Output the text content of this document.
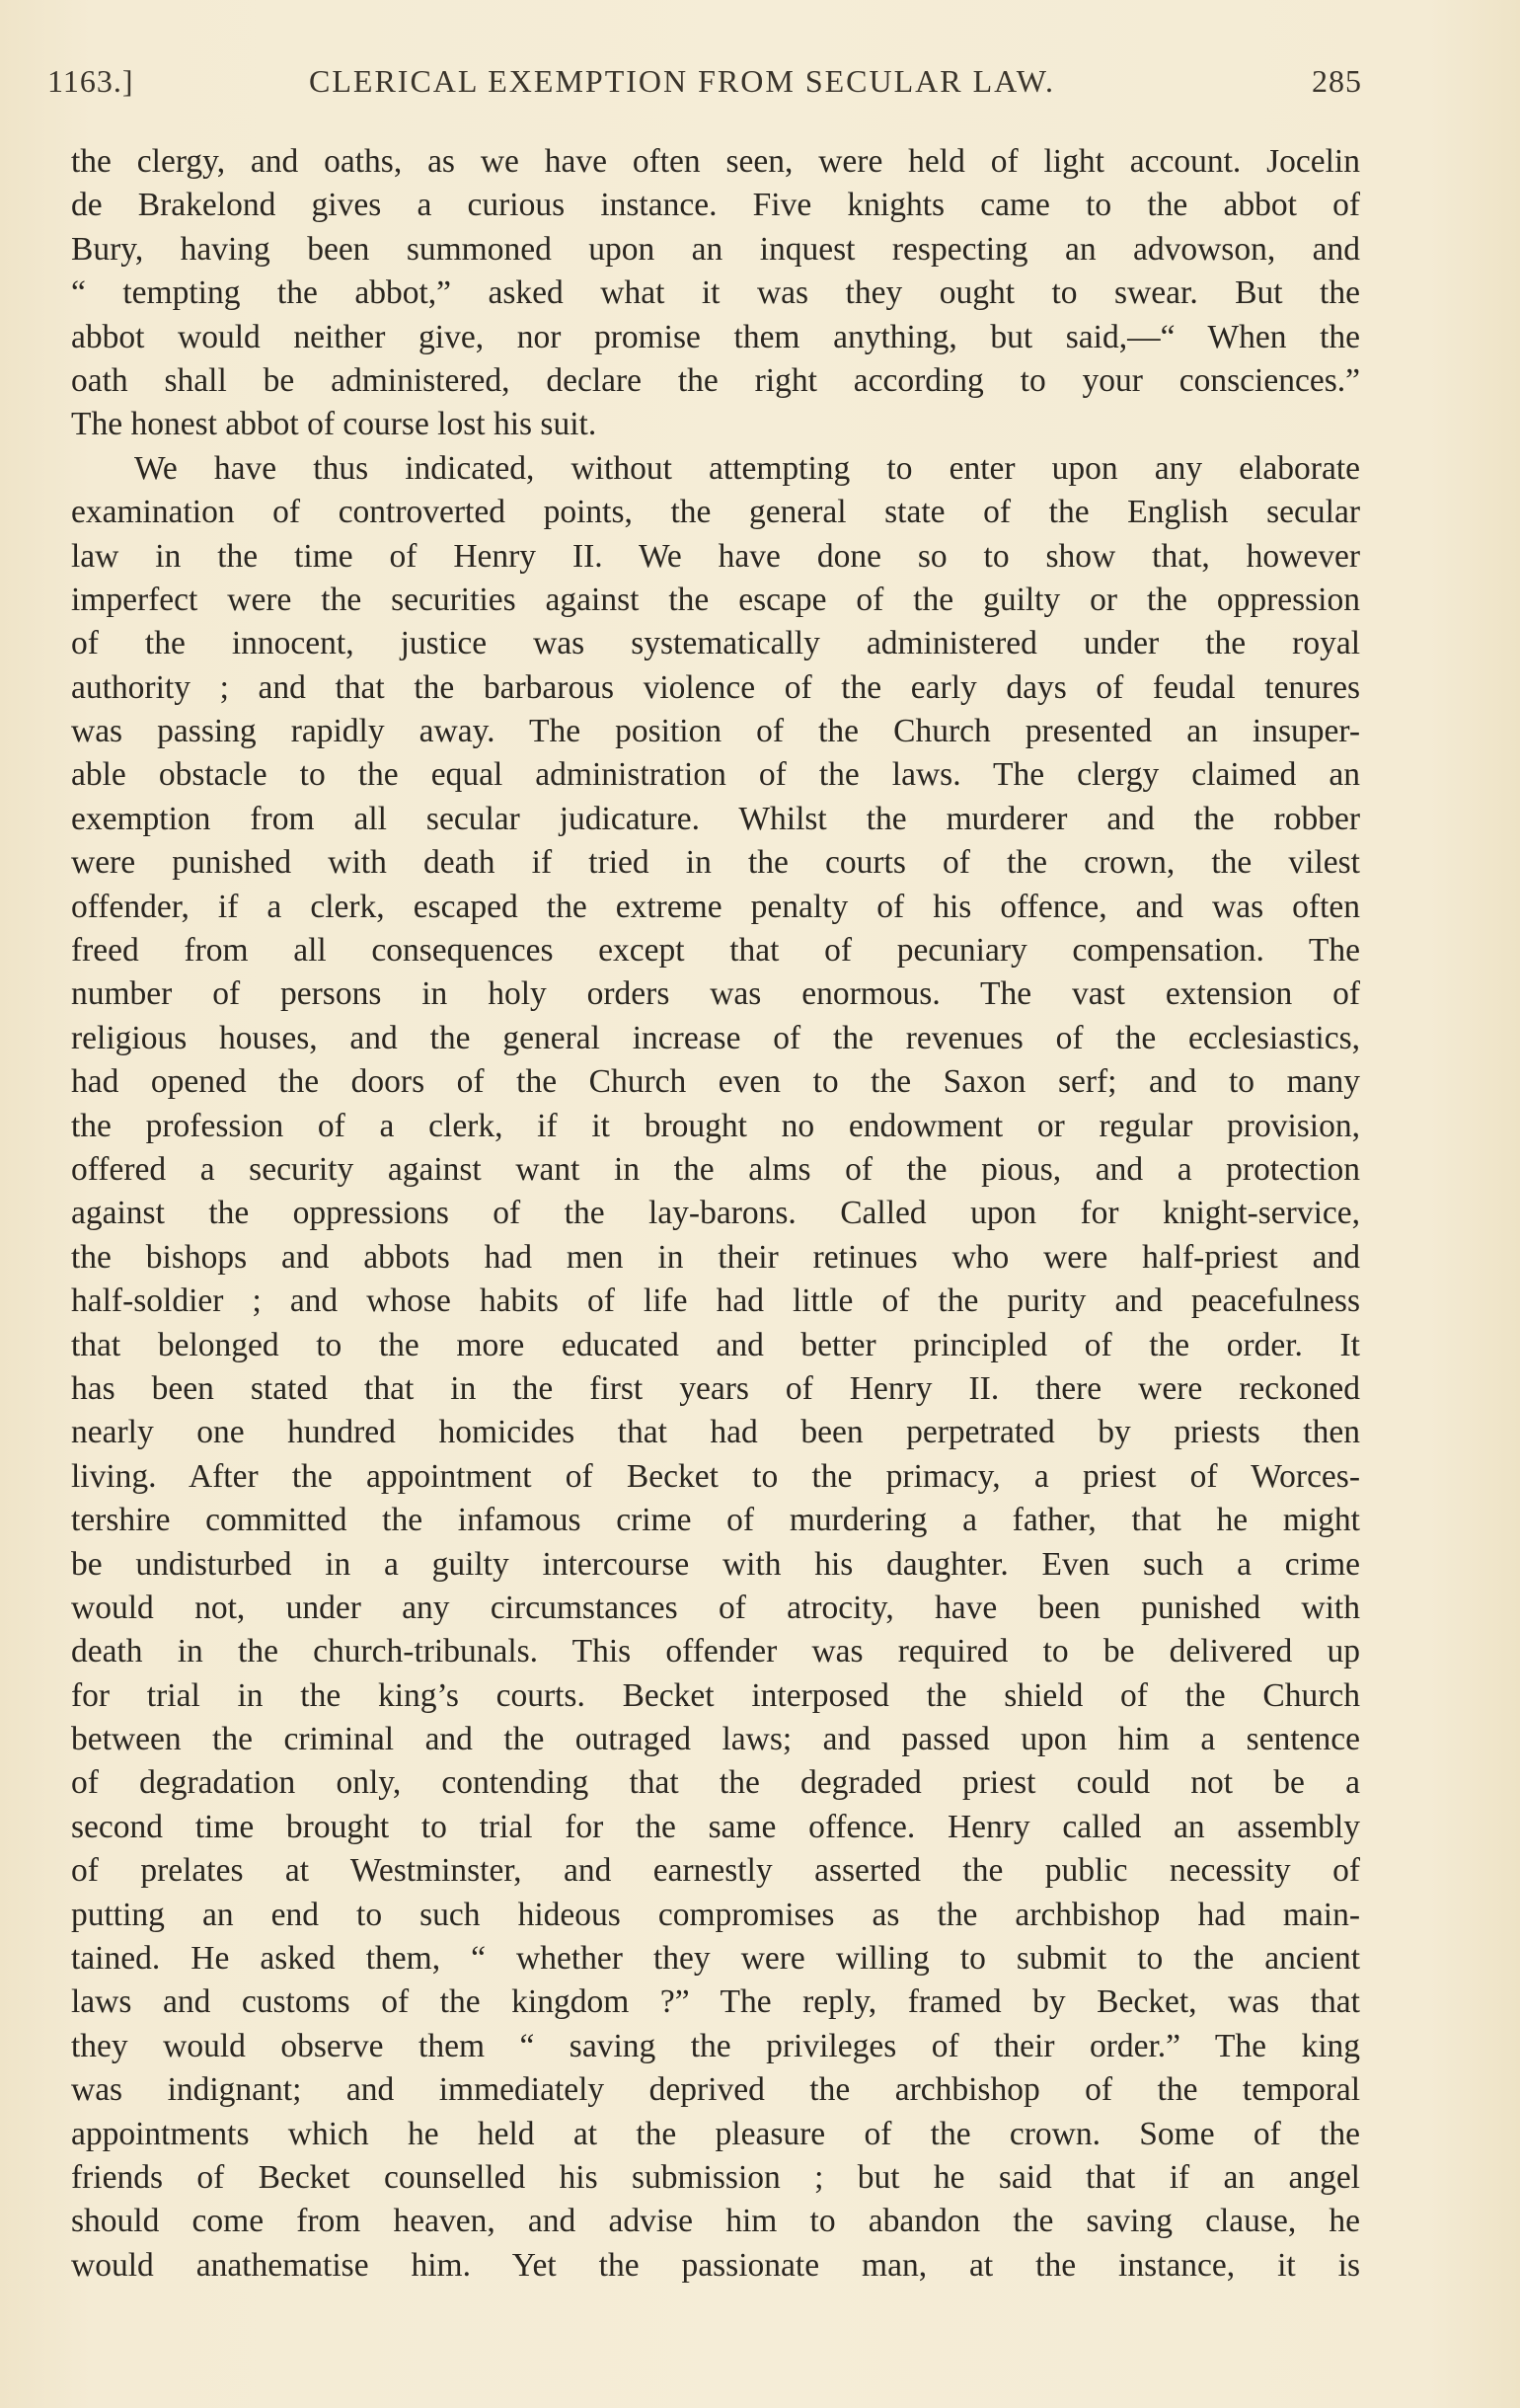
1163.]	CLERICAL EXEMPTION FROM SECULAR LAW.	285
the clergy, and oaths, as we have often seen, were held of light account. Jocelin
de Brakelond gives a curious instance. Five knights came to the abbot of
Bury, having been summoned upon an inquest respecting an advowson, and
“ tempting the abbot,” asked what it was they ought to swear. But the
abbot would neither give, nor promise them anything, but said,—“ When the
oath shall be administered, declare the right according to your consciences.”
The honest abbot of course lost his suit.
We have thus indicated, without attempting to enter upon any elaborate
examination of controverted points, the general state of the English secular
law in the time of Henry II. We have done so to show that, however
imperfect were the securities against the escape of the guilty or the oppression
of the innocent, justice was systematically administered under the royal
authority ; and that the barbarous violence of the early days of feudal tenures
was passing rapidly away. The position of the Church presented an insuper-
able obstacle to the equal administration of the laws. The clergy claimed an
exemption from all secular judicature. Whilst the murderer and the robber
were punished with death if tried in the courts of the crown, the vilest
offender, if a clerk, escaped the extreme penalty of his offence, and was often
freed from all consequences except that of pecuniary compensation. The
number of persons in holy orders was enormous. The vast extension of
religious houses, and the general increase of the revenues of the ecclesiastics,
had opened the doors of the Church even to the Saxon serf; and to many
the profession of a clerk, if it brought no endowment or regular provision,
offered a security against want in the alms of the pious, and a protection
against the oppressions of the lay-barons. Called upon for knight-service,
the bishops and abbots had men in their retinues who were half-priest and
half-soldier ; and whose habits of life had little of the purity and peacefulness
that belonged to the more educated and better principled of the order. It
has been stated that in the first years of Henry II. there were reckoned
nearly one hundred homicides that had been perpetrated by priests then
living. After the appointment of Becket to the primacy, a priest of Worces-
tershire committed the infamous crime of murdering a father, that he might
be undisturbed in a guilty intercourse with his daughter. Even such a crime
would not, under any circumstances of atrocity, have been punished with
death in the church-tribunals. This offender was required to be delivered up
for trial in the king’s courts. Becket interposed the shield of the Church
between the criminal and the outraged laws; and passed upon him a sentence
of degradation only, contending that the degraded priest could not be a
second time brought to trial for the same offence. Henry called an assembly
of prelates at Westminster, and earnestly asserted the public necessity of
putting an end to such hideous compromises as the archbishop had main-
tained. He asked them, “ whether they were willing to submit to the ancient
laws and customs of the kingdom ?” The reply, framed by Becket, was that
they would observe them “ saving the privileges of their order.” The king
was indignant; and immediately deprived the archbishop of the temporal
appointments which he held at the pleasure of the crown. Some of the
friends of Becket counselled his submission ; but he said that if an angel
should come from heaven, and advise him to abandon the saving clause, he
would anathematise him. Yet the passionate man, at the instance, it is
